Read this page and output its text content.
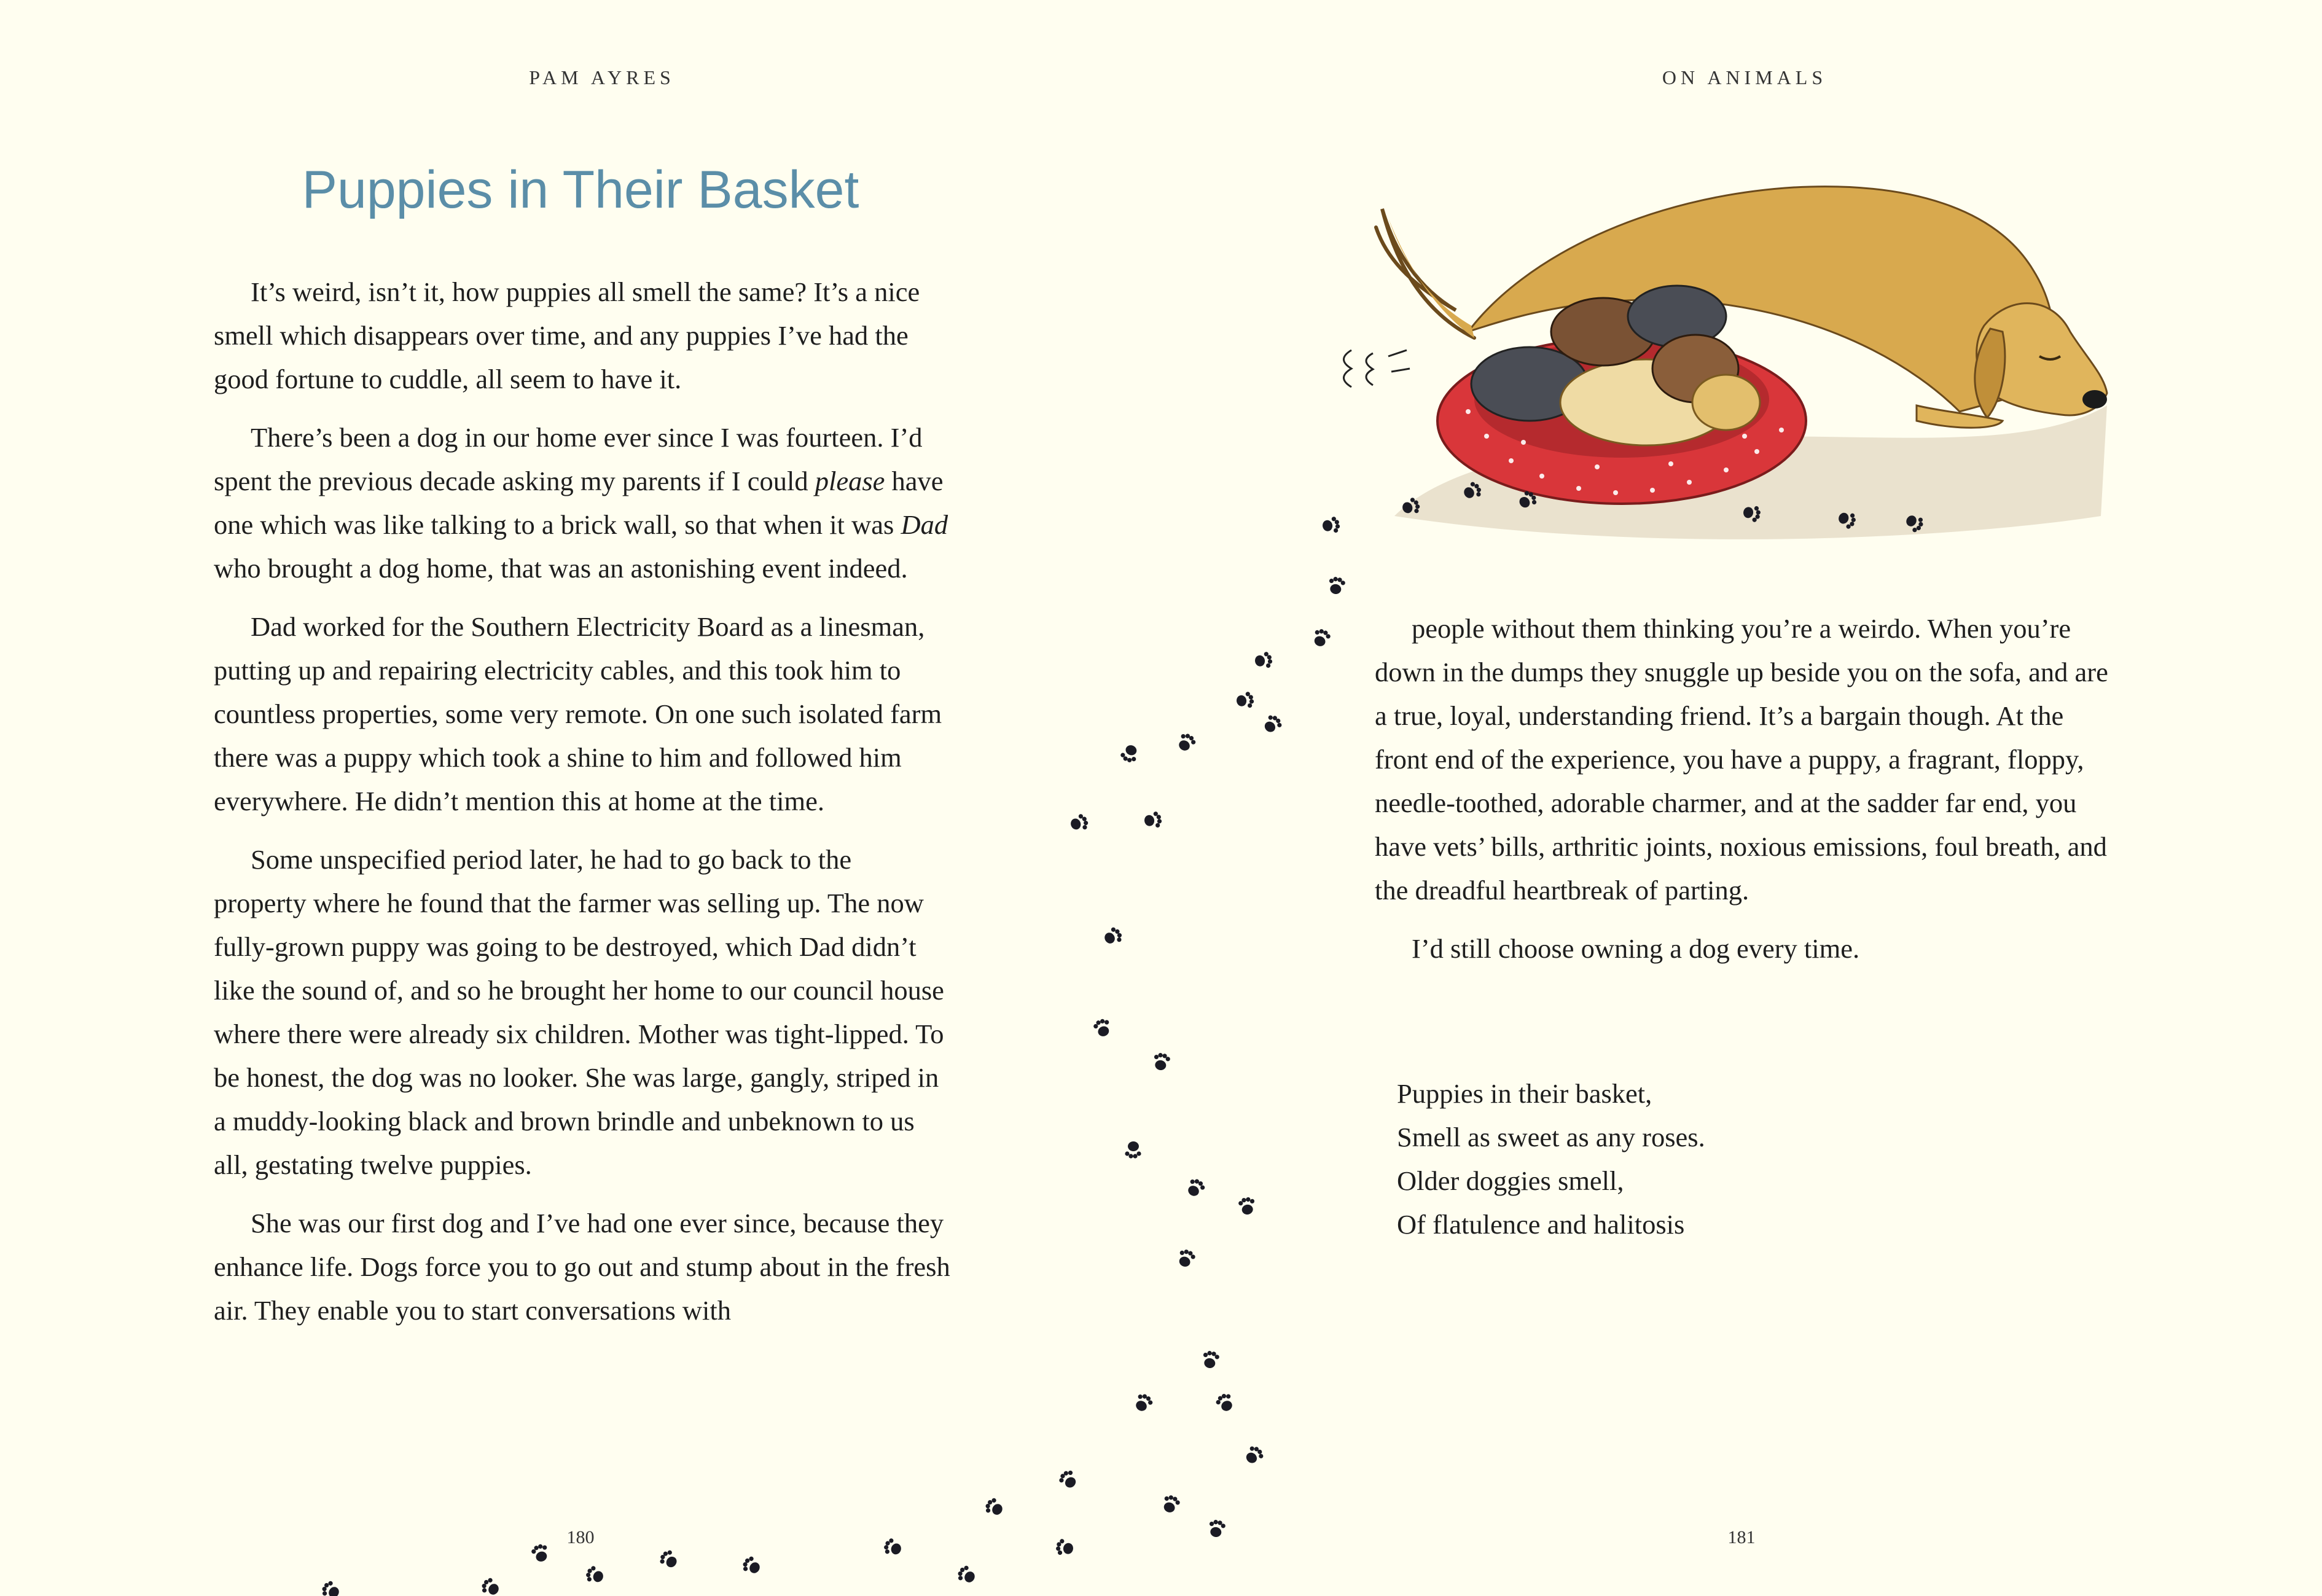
PAM AYRES	ON ANIMALS
Puppies in Their Basket

It’s weird, isn’t it, how puppies all smell the same? It’s a nice smell which disappears over time, and any puppies I’ve had the good fortune to cuddle, all seem to have it.

There’s been a dog in our home ever since I was fourteen. I’d spent the previous decade asking my parents if I could please have one which was like talking to a brick wall, so that when it was Dad who brought a dog home, that was an astonishing event indeed.

Dad worked for the Southern Electricity Board as a linesman, putting up and repairing electricity cables, and this took him to countless properties, some very remote. On one such isolated farm there was a puppy which took a shine to him and followed him everywhere. He didn’t mention this at home at the time.

Some unspecified period later, he had to go back to the property where he found that the farmer was selling up. The now fully-grown puppy was going to be destroyed, which Dad didn’t like the sound of, and so he brought her home to our council house where there were already six children. Mother was tight-lipped. To be honest, the dog was no looker. She was large, gangly, striped in a muddy-looking black and brown brindle and unbeknown to us all, gestating twelve puppies.

She was our first dog and I’ve had one ever since, because they enhance life. Dogs force you to go out and stump about in the fresh air. They enable you to start conversations with

people without them thinking you’re a weirdo. When you’re down in the dumps they snuggle up beside you on the sofa, and are a true, loyal, understanding friend. It’s a bargain though. At the front end of the experience, you have a puppy, a fragrant, floppy, needle-toothed, adorable charmer, and at the sadder far end, you have vets’ bills, arthritic joints, noxious emissions, foul breath, and the dreadful heartbreak of parting.

I’d still choose owning a dog every time.

Puppies in their basket,
Smell as sweet as any roses.
Older doggies smell,
Of flatulence and halitosis
180	181
